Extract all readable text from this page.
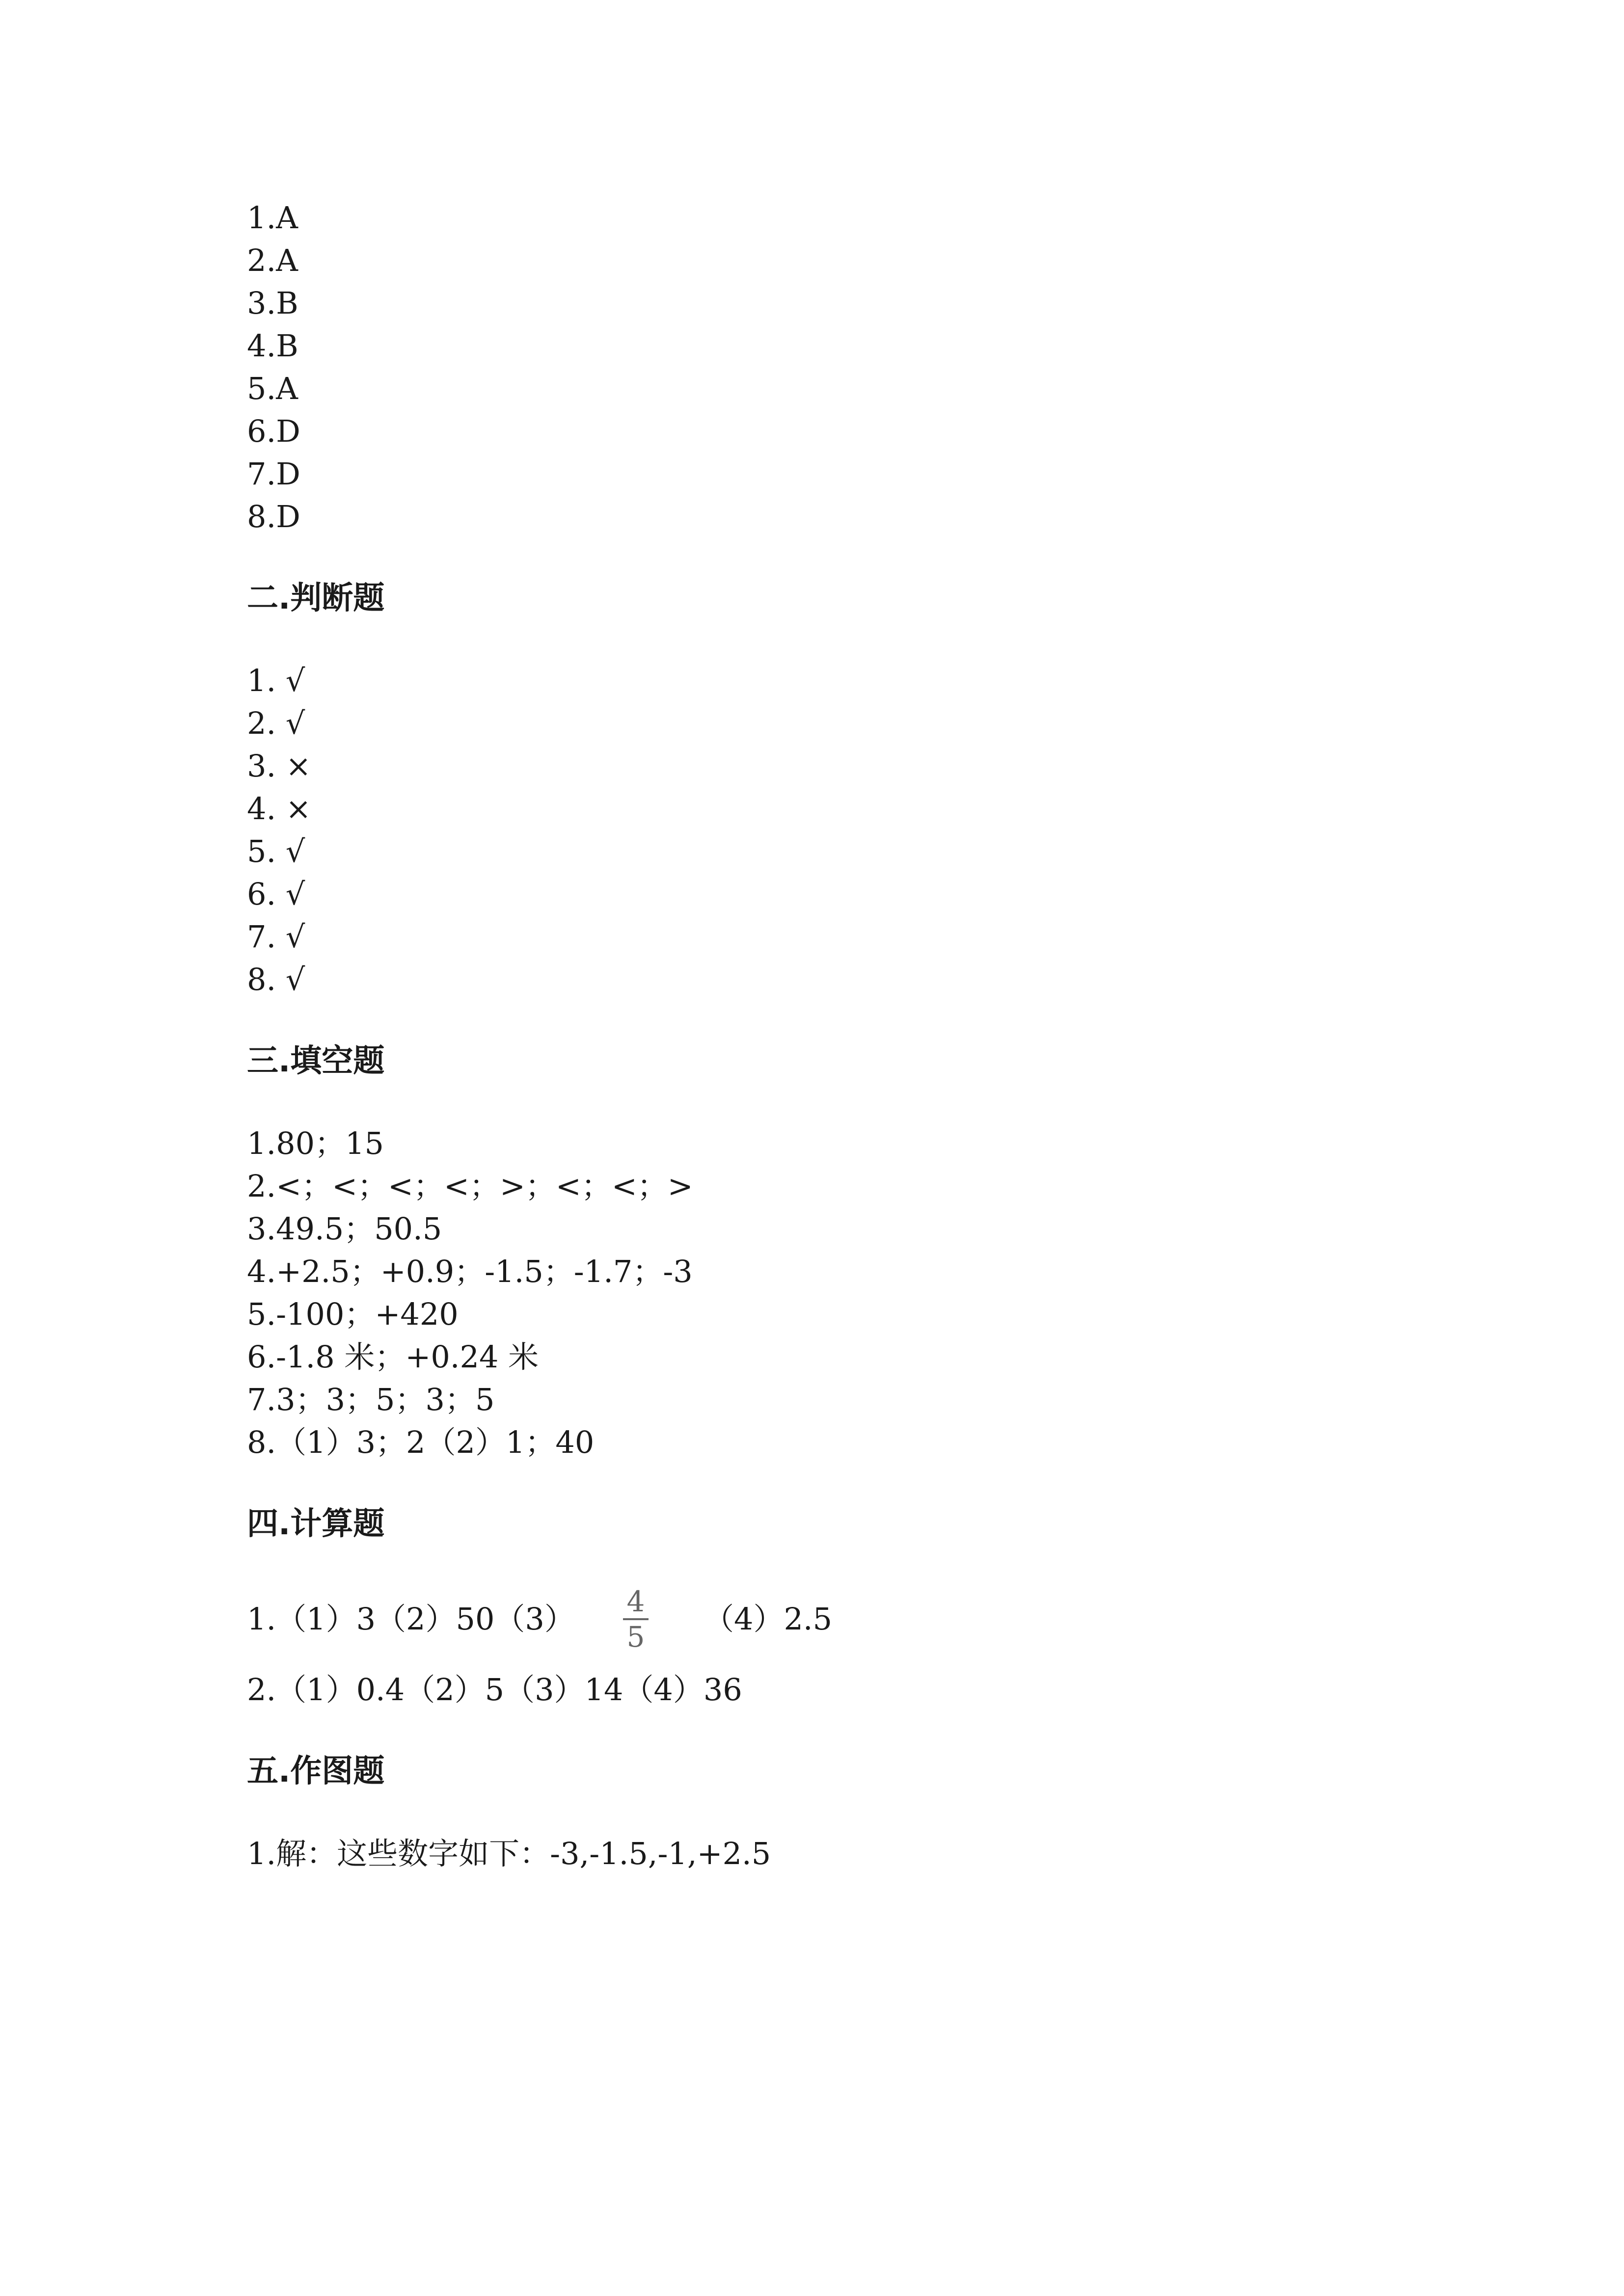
1.A
2.A
3.B
4.B
5.A
6.D
7.D
8.D
二.判断题
1. √
2. √
3. ×
4. ×
5. √
6. √
7. √
8. √
三.填空题
1.80；15
2.<；<；<；<；>；<；<；>
3.49.5；50.5
4.+2.5；+0.9；-1.5；-1.7；-3
5.-100；+420
6.-1.8 米；+0.24 米
7.3；3；5；3；5
8.（1）3；2（2）1；40
四.计算题
1.（1）3（2）50（3） 4
5 （4）2.5
2.（1）0.4（2）5（3）14（4）36
五.作图题
1.解：这些数字如下：-3,-1.5,-1,+2.5
